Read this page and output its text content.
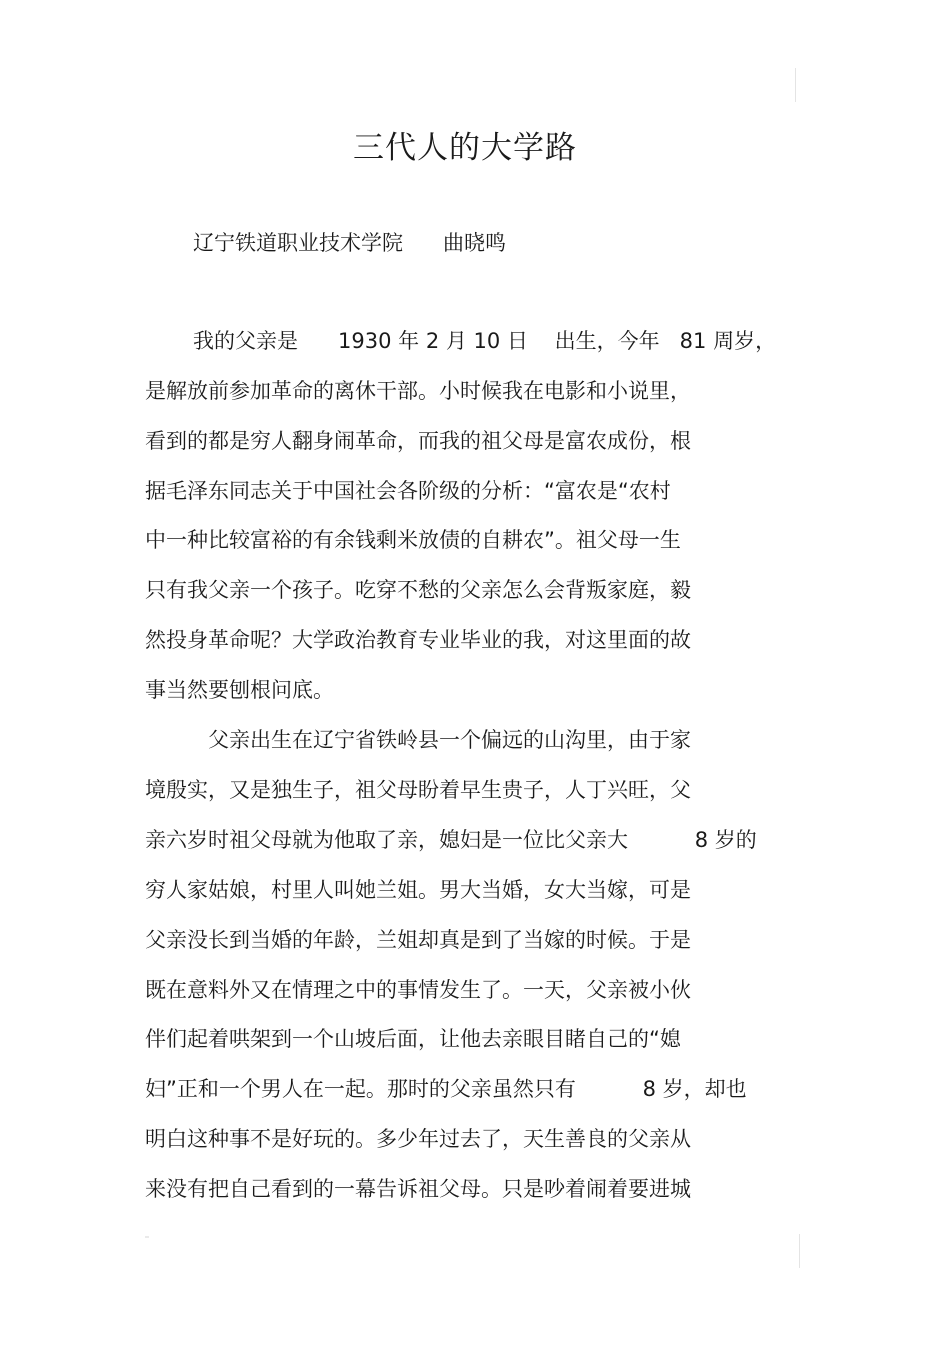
三代人的大学路
辽宁铁道职业技术学院 曲晓鸣
我的父亲是      1930 年 2 月 10 日    出生，今年   81 周岁，
是解放前参加革命的离休干部。小时候我在电影和小说里，
看到的都是穷人翻身闹革命，而我的祖父母是富农成份，根
据毛泽东同志关于中国社会各阶级的分析：“富农是“农村
中一种比较富裕的有余钱剩米放债的自耕农”。祖父母一生
只有我父亲一个孩子。吃穿不愁的父亲怎么会背叛家庭，毅
然投身革命呢？大学政治教育专业毕业的我，对这里面的故
事当然要刨根问底。
父亲出生在辽宁省铁岭县一个偏远的山沟里，由于家
境殷实，又是独生子，祖父母盼着早生贵子，人丁兴旺，父
亲六岁时祖父母就为他取了亲，媳妇是一位比父亲大          8 岁的
穷人家姑娘，村里人叫她兰姐。男大当婚，女大当嫁，可是
父亲没长到当婚的年龄，兰姐却真是到了当嫁的时候。于是
既在意料外又在情理之中的事情发生了。一天，父亲被小伙
伴们起着哄架到一个山坡后面，让他去亲眼目睹自己的“媳
妇”正和一个男人在一起。那时的父亲虽然只有          8 岁，却也
明白这种事不是好玩的。多少年过去了，天生善良的父亲从
来没有把自己看到的一幕告诉祖父母。只是吵着闹着要进城
